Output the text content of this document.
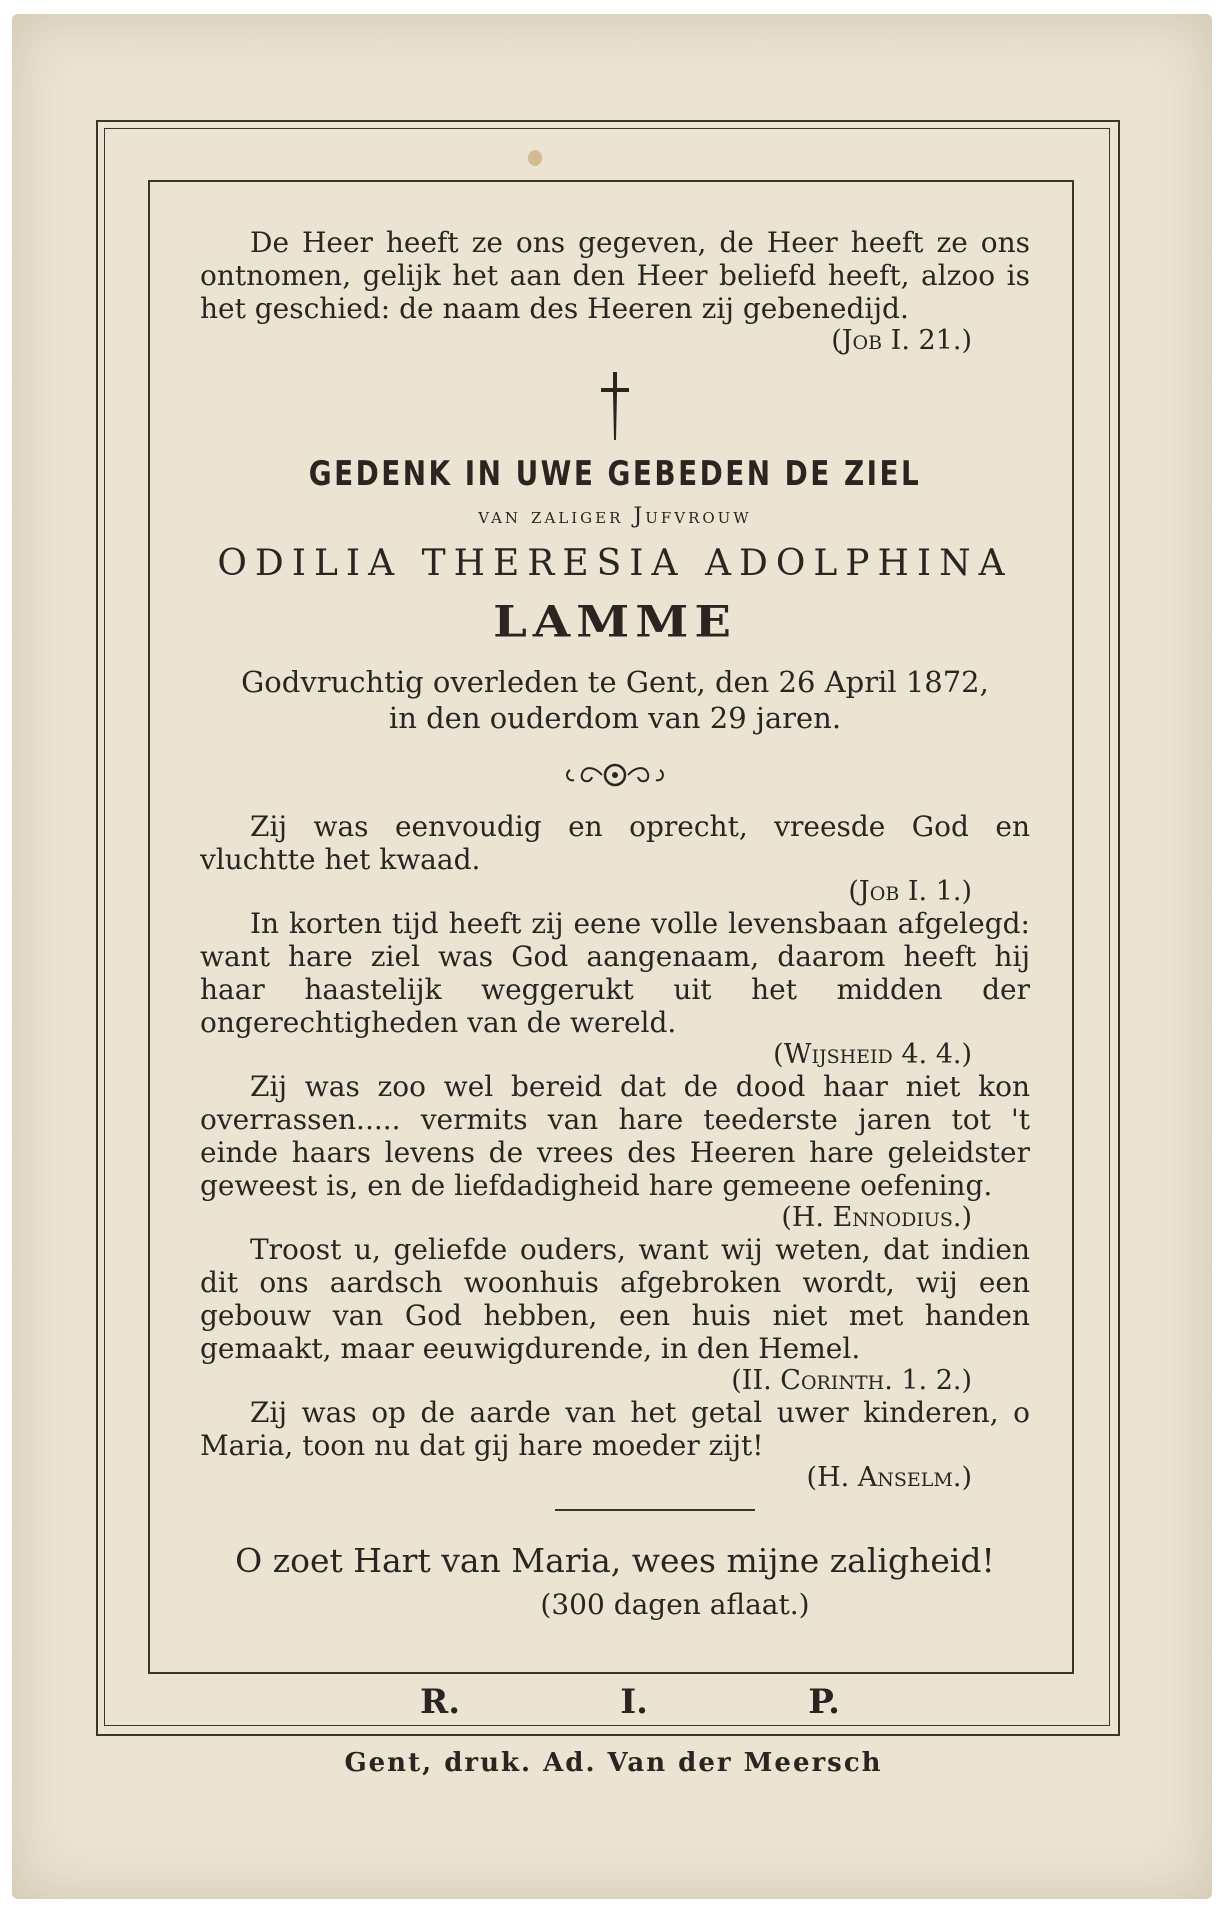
De Heer heeft ze ons gegeven, de Heer heeft ze ons ontnomen, gelijk het aan den Heer beliefd heeft, alzoo is het geschied: de naam des Heeren zij gebenedijd.

(Job I. 21.)

GEDENK IN UWE GEBEDEN DE ZIEL

van zaliger Jufvrouw

ODILIA THERESIA ADOLPHINA

LAMME

Godvruchtig overleden te Gent, den 26 April 1872,

in den ouderdom van 29 jaren.

Zij was eenvoudig en oprecht, vreesde God en vluchtte het kwaad.

(Job I. 1.)

In korten tijd heeft zij eene volle levensbaan afgelegd: want hare ziel was God aangenaam, daarom heeft hij haar haastelijk weggerukt uit het midden der ongerechtigheden van de wereld.

(Wijsheid 4. 4.)

Zij was zoo wel bereid dat de dood haar niet kon overrassen..... vermits van hare teederste jaren tot 't einde haars levens de vrees des Heeren hare geleidster geweest is, en de liefdadigheid hare gemeene oefening.

(H. Ennodius.)

Troost u, geliefde ouders, want wij weten, dat indien dit ons aardsch woonhuis afgebroken wordt, wij een gebouw van God hebben, een huis niet met handen gemaakt, maar eeuwigdurende, in den Hemel.

(II. Corinth. 1. 2.)

Zij was op de aarde van het getal uwer kinderen, o Maria, toon nu dat gij hare moeder zijt!

(H. Anselm.)

O zoet Hart van Maria, wees mijne zaligheid!

(300 dagen aflaat.)

R.	I.	P.
Gent, druk. Ad. Van der Meersch
